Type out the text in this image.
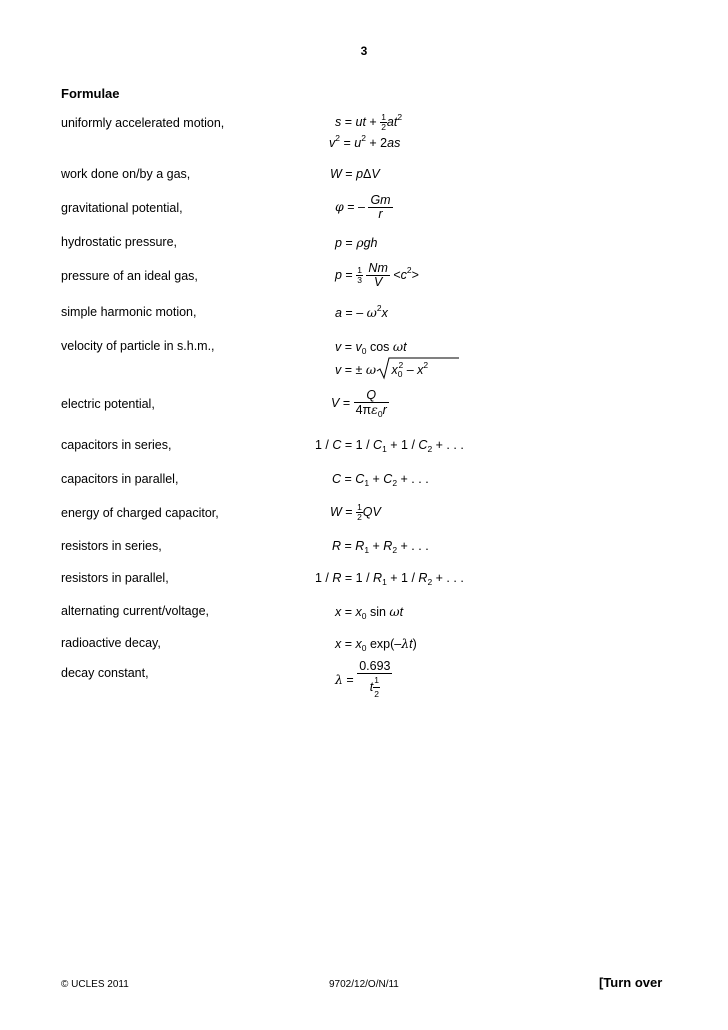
3
Formulae
uniformly accelerated motion,
work done on/by a gas,
gravitational potential,
hydrostatic pressure,
pressure of an ideal gas,
simple harmonic motion,
velocity of particle in s.h.m.,
electric potential,
capacitors in series,
capacitors in parallel,
energy of charged capacitor,
resistors in series,
resistors in parallel,
alternating current/voltage,
radioactive decay,
decay constant,
s = ut + $\frac{1}{2} at^2$
$v^2 = u^2 + 2as$
W = pΔV
φ = – $\frac{Gm}{r}$
p = ρgh
$p = \frac{1}{3}$
$\frac{Nm}{V} <c^2>$
a = – $\omega^2x$
$v = v_0$ cos ωt
v = ± ω $x_0^2 - x^2$
$V = \frac{Q}{4\pi\varepsilon_0r}$
$1 / C = 1 / C_1 + 1 / C_2$ + . . .
$C = C_1 + C_2$ + . . .
$W = \frac{1}{2}$ QV
$R = R_1 + R_2$ + . . .
$1 / R = 1 / R_1 + 1 / R_2$ + . . .
$x = x_0$ sin ωt
$x = x_0$ exp(–λt)
$\lambda = \frac{0.693}{t \frac{1}{2}}$
© UCLES 2011	9702/12/O/N/11	[Turn over
